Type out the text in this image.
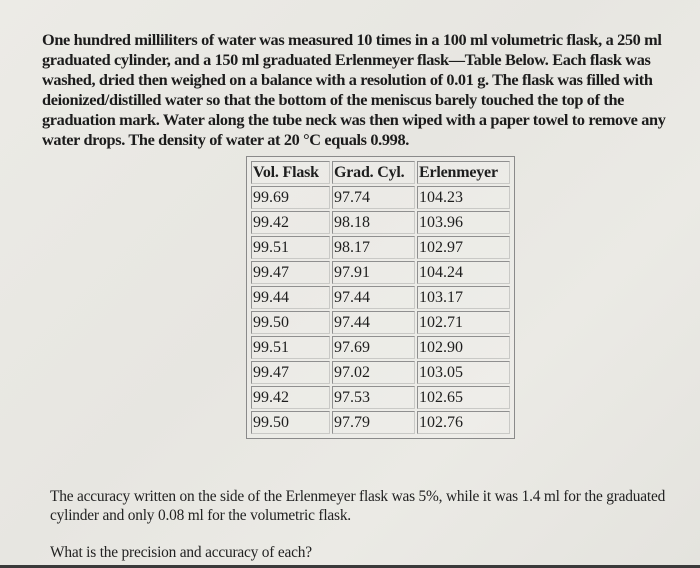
One hundred milliliters of water was measured 10 times in a 100 ml volumetric flask, a 250 ml graduated cylinder, and a 150 ml graduated Erlenmeyer flask—Table Below. Each flask was washed, dried then weighed on a balance with a resolution of 0.01 g. The flask was filled with deionized/distilled water so that the bottom of the meniscus barely touched the top of the graduation mark. Water along the tube neck was then wiped with a paper towel to remove any water drops. The density of water at 20 °C equals 0.998.

Vol. Flask	Grad. Cyl.	Erlenmeyer
99.69	97.74	104.23
99.42	98.18	103.96
99.51	98.17	102.97
99.47	97.91	104.24
99.44	97.44	103.17
99.50	97.44	102.71
99.51	97.69	102.90
99.47	97.02	103.05
99.42	97.53	102.65
99.50	97.79	102.76

The accuracy written on the side of the Erlenmeyer flask was 5%, while it was 1.4 ml for the graduated cylinder and only 0.08 ml for the volumetric flask.

What is the precision and accuracy of each?
